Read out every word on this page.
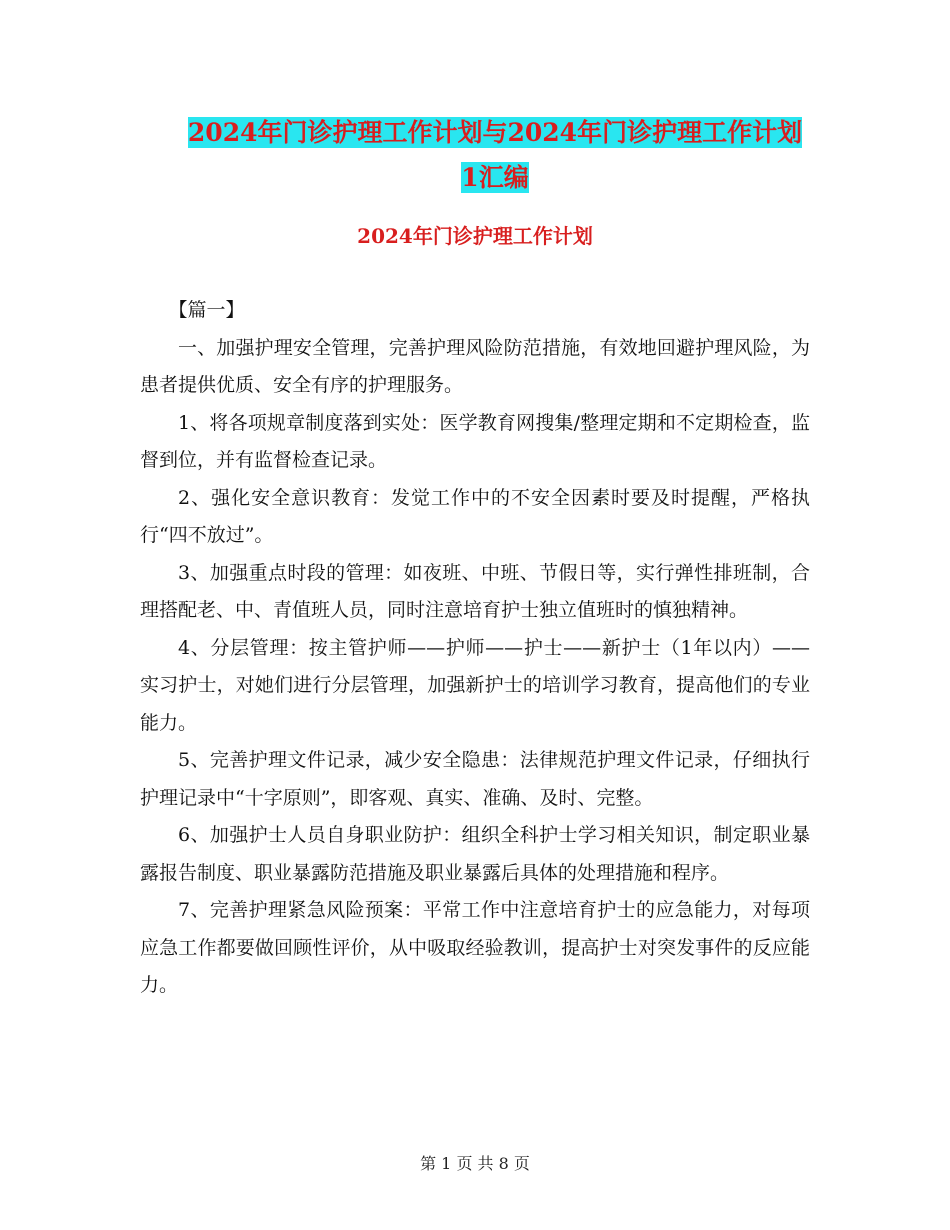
2024年门诊护理工作计划与2024年门诊护理工作计划
1汇编
2024年门诊护理工作计划

【篇一】

一、加强护理安全管理，完善护理风险防范措施，有效地回避护理风险，为患者提供优质、安全有序的护理服务。

1、将各项规章制度落到实处：医学教育网搜集/整理定期和不定期检查，监督到位，并有监督检查记录。

2、强化安全意识教育：发觉工作中的不安全因素时要及时提醒，严格执行“四不放过”。

3、加强重点时段的管理：如夜班、中班、节假日等，实行弹性排班制，合理搭配老、中、青值班人员，同时注意培育护士独立值班时的慎独精神。

4、分层管理：按主管护师——护师——护士——新护士（1年以内）——实习护士，对她们进行分层管理，加强新护士的培训学习教育，提高他们的专业能力。

5、完善护理文件记录，减少安全隐患：法律规范护理文件记录，仔细执行护理记录中“十字原则”，即客观、真实、准确、及时、完整。

6、加强护士人员自身职业防护：组织全科护士学习相关知识，制定职业暴露报告制度、职业暴露防范措施及职业暴露后具体的处理措施和程序。

7、完善护理紧急风险预案：平常工作中注意培育护士的应急能力，对每项应急工作都要做回顾性评价，从中吸取经验教训，提高护士对突发事件的反应能力。

第 1 页 共 8 页
